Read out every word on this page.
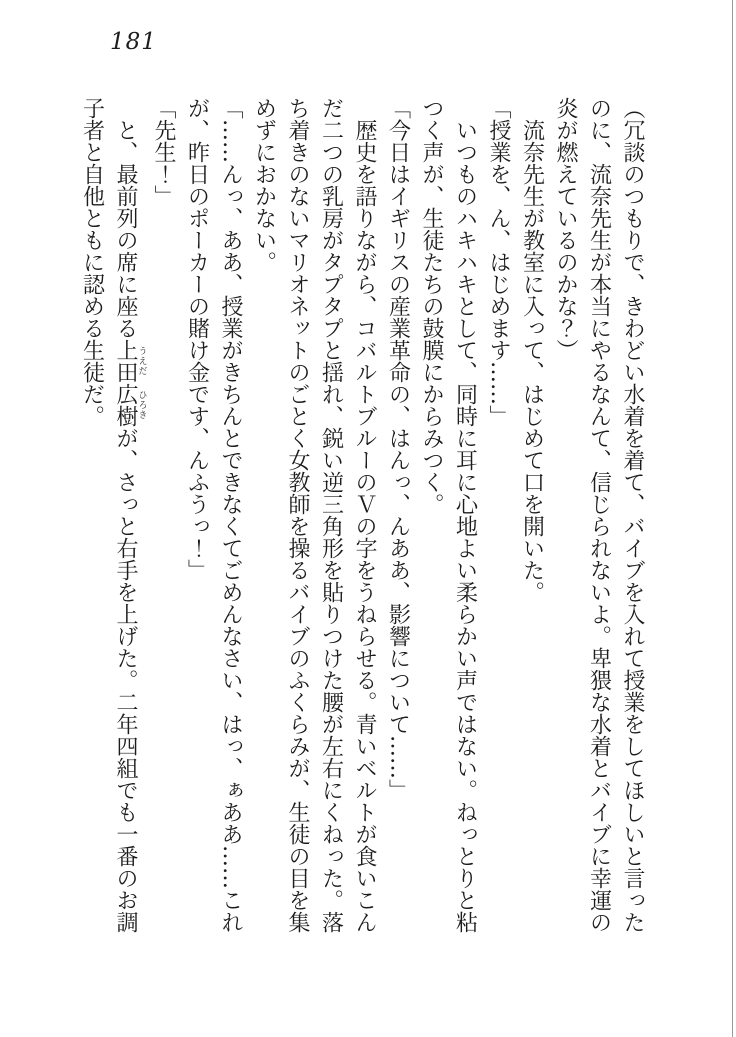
181

（冗談のつもりで、きわどい水着を着て、バイブを入れて授業をしてほしいと言ったのに、流奈先生が本当にやるなんて、信じられないよ。卑猥な水着とバイブに幸運の炎が燃えているのかな？）

流奈先生が教室に入って、はじめて口を開いた。

「授業を、ん、はじめます……」

いつものハキハキとして、同時に耳に心地よい柔らかい声ではない。ねっとりと粘つく声が、生徒たちの鼓膜にからみつく。

「今日はイギリスの産業革命の、はんっ、んああ、影響について……」

歴史を語りながら、コバルトブルーのＶの字をうねらせる。青いベルトが食いこんだ二つの乳房がタプタプと揺れ、鋭い逆三角形を貼りつけた腰が左右にくねった。落ち着きのないマリオネットのごとく女教師を操るバイブのふくらみが、生徒の目を集めずにおかない。

「……んっ、ああ、授業がきちんとできなくてごめんなさい、はっ、ぁああ……これが、昨日のポーカーの賭け金です、んふうっ！」

「先生！」

と、最前列の席に座る上田うえだ広樹ひろきが、さっと右手を上げた。二年四組でも一番のお調子者と自他ともに認める生徒だ。
